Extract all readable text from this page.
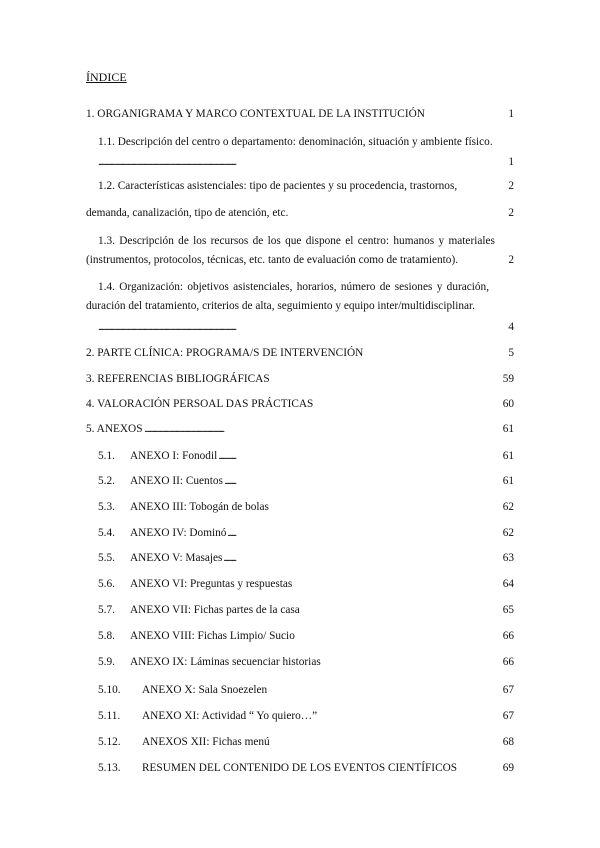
ÍNDICE
. . . 1. ORGANIGRAMA Y MARCO CONTEXTUAL DE LA INSTITUCIÓN	1
1.1. Descripción del centro o departamento: denominación, situación y ambiente físico.
. . . 1
. . . 1.2. Características asistenciales: tipo de pacientes y su procedencia, trastornos,	2
. . . demanda, canalización, tipo de atención, etc.	2
1.3. Descripción de los recursos de los que dispone el centro: humanos y materiales
. . . (instrumentos, protocolos, técnicas, etc. tanto de evaluación como de tratamiento).	2
1.4. Organización: objetivos asistenciales, horarios, número de sesiones y duración,
duración del tratamiento, criterios de alta, seguimiento y equipo inter/multidisciplinar.
. . . 4
. . . 2. PARTE CLÍNICA: PROGRAMA/S DE INTERVENCIÓN	5
. . . 3. REFERENCIAS BIBLIOGRÁFICAS	59
. . . 4. VALORACIÓN PERSOAL DAS PRÁCTICAS	60
. . . 5. ANEXOS	61
. . . 5.1. ANEXO I: Fonodil	61
. . . 5.2. ANEXO II: Cuentos	61
. . . 5.3. ANEXO III: Tobogán de bolas	62
. . . 5.4. ANEXO IV: Dominó	62
. . . 5.5. ANEXO V: Masajes	63
. . . 5.6. ANEXO VI: Preguntas y respuestas	64
. . . 5.7. ANEXO VII: Fichas partes de la casa	65
. . . 5.8. ANEXO VIII: Fichas Limpio/ Sucio	66
. . . 5.9. ANEXO IX: Láminas secuenciar historias	66
. . . 5.10. ANEXO X: Sala Snoezelen	67
. . . 5.11. ANEXO XI: Actividad “ Yo quiero…”	67
. . . 5.12. ANEXOS XII: Fichas menú	68
. . . 5.13. RESUMEN DEL CONTENIDO DE LOS EVENTOS CIENTÍFICOS	69
